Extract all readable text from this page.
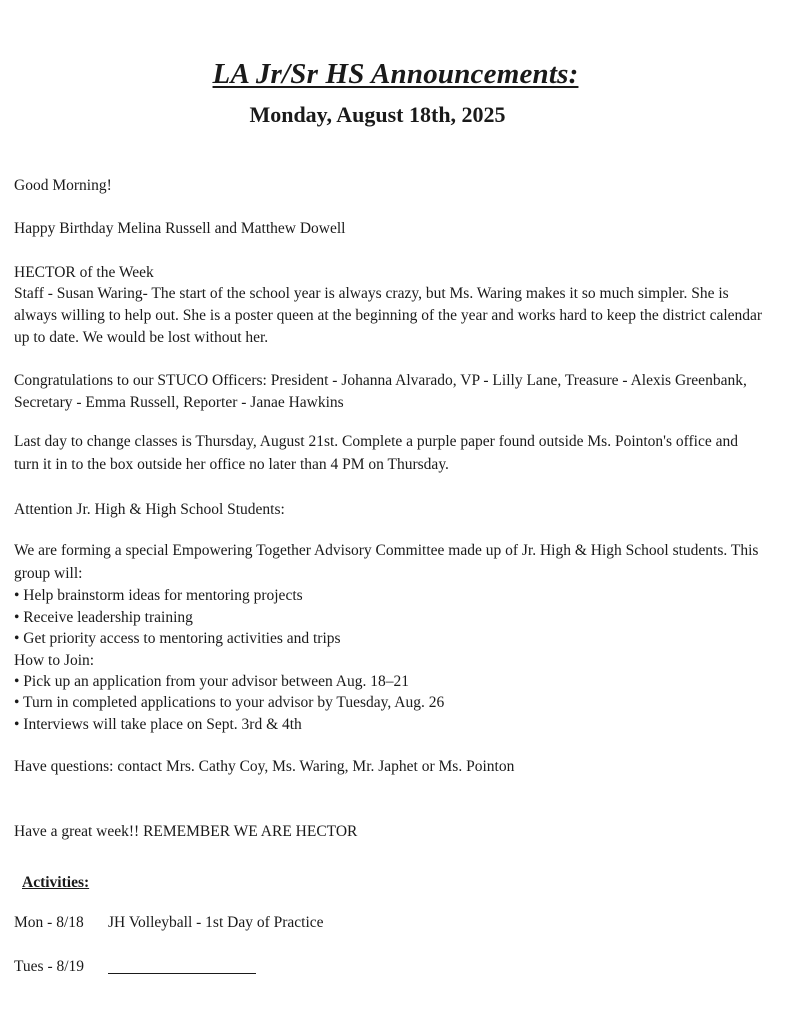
LA Jr/Sr HS Announcements:
Monday, August 18th, 2025
Good Morning!
Happy Birthday Melina Russell and Matthew Dowell
HECTOR of the Week
Staff - Susan Waring- The start of the school year is always crazy, but Ms. Waring makes it so much simpler. She is
always willing to help out. She is a poster queen at the beginning of the year and works hard to keep the district calendar
up to date. We would be lost without her.
Congratulations to our STUCO Officers: President - Johanna Alvarado, VP - Lilly Lane, Treasure - Alexis Greenbank,
Secretary - Emma Russell, Reporter - Janae Hawkins
Last day to change classes is Thursday, August 21st. Complete a purple paper found outside Ms. Pointon's office and
turn it in to the box outside her office no later than 4 PM on Thursday.
Attention Jr. High & High School Students:
We are forming a special Empowering Together Advisory Committee made up of Jr. High & High School students. This
group will:
• Help brainstorm ideas for mentoring projects
• Receive leadership training
• Get priority access to mentoring activities and trips
How to Join:
• Pick up an application from your advisor between Aug. 18–21
• Turn in completed applications to your advisor by Tuesday, Aug. 26
• Interviews will take place on Sept. 3rd & 4th
Have questions: contact Mrs. Cathy Coy, Ms. Waring, Mr. Japhet or Ms. Pointon
Have a great week!! REMEMBER WE ARE HECTOR
Activities:
Mon - 8/18 JH Volleyball - 1st Day of Practice
Tues - 8/19
